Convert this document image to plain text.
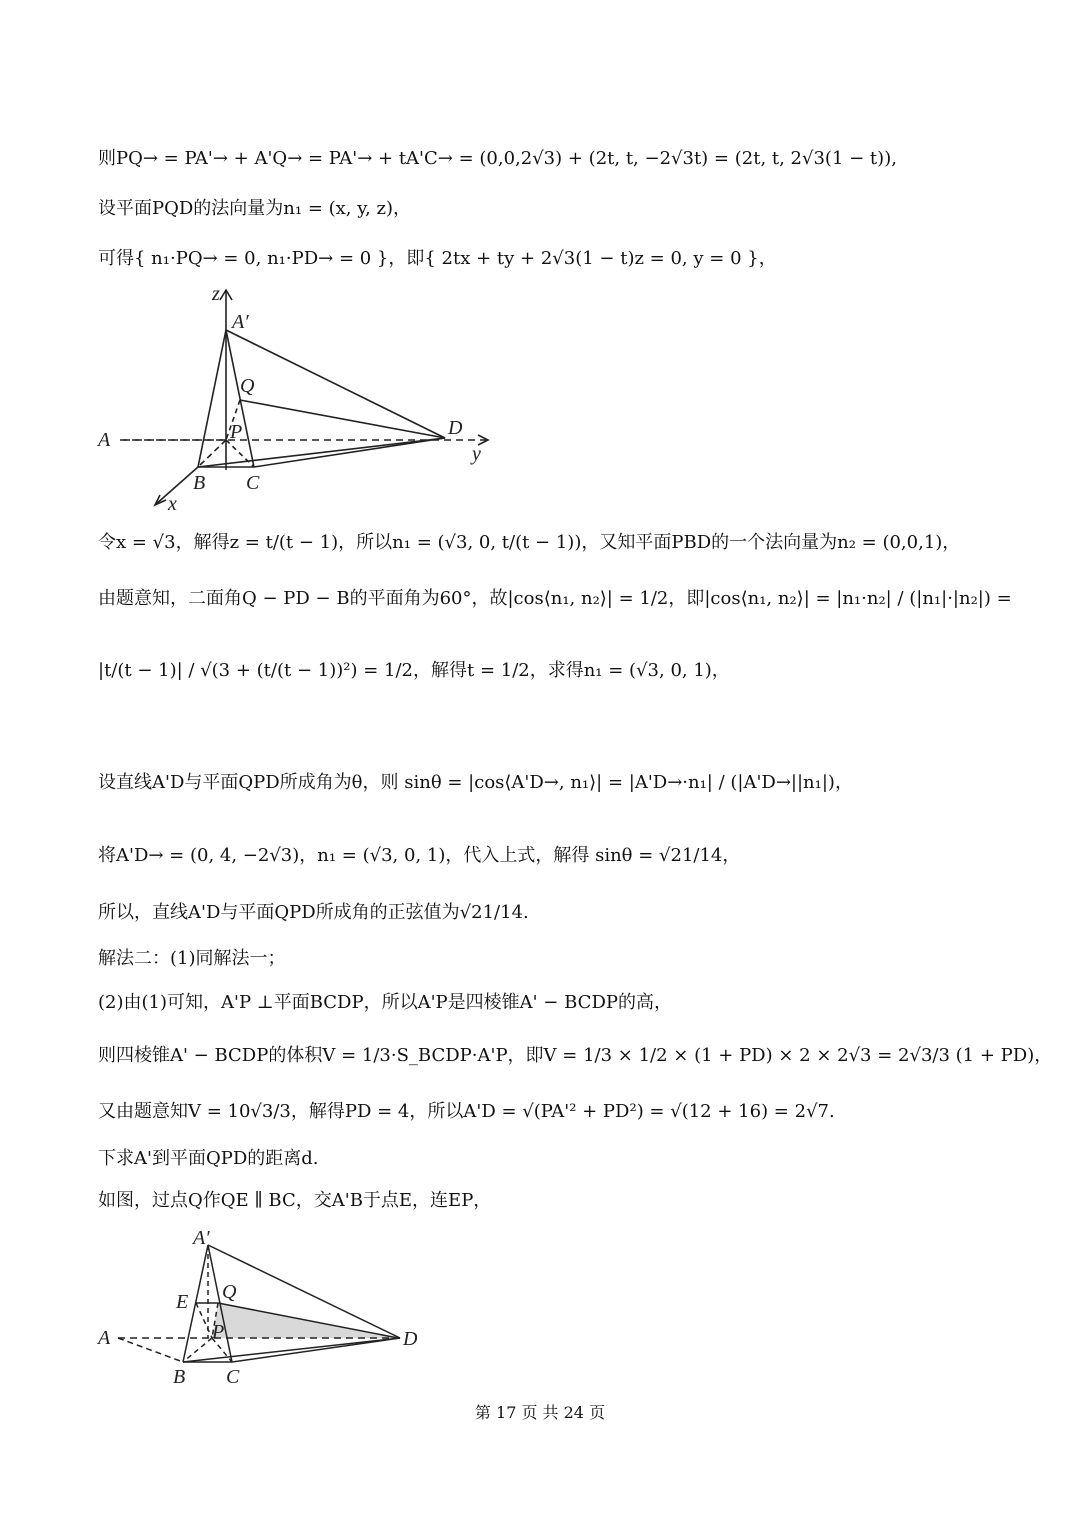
则PQ→ = PA'→ + A'Q→ = PA'→ + tA'C→ = (0,0,2√3) + (2t, t, −2√3t) = (2t, t, 2√3(1 − t)),
设平面PQD的法向量为n₁ = (x, y, z)，
可得{ n₁·PQ→ = 0, n₁·PD→ = 0 }，即{ 2tx + ty + 2√3(1 − t)z = 0, y = 0 }，
z
A′
Q
P	D
A
y
B C
x
令x = √3，解得z = t/(t − 1)，所以n₁ = (√3, 0, t/(t − 1))，又知平面PBD的一个法向量为n₂ = (0,0,1)，
由题意知，二面角Q − PD − B的平面角为60°，故|cos⟨n₁, n₂⟩| = 1/2，即|cos⟨n₁, n₂⟩| = |n₁·n₂| / (|n₁|·|n₂|) =
|t/(t − 1)| / √(3 + (t/(t − 1))²) = 1/2，解得t = 1/2，求得n₁ = (√3, 0, 1)，
设直线A'D与平面QPD所成角为θ，则 sinθ = |cos⟨A'D→, n₁⟩| = |A'D→·n₁| / (|A'D→||n₁|)，
将A'D→ = (0, 4, −2√3)，n₁ = (√3, 0, 1)，代入上式，解得 sinθ = √21/14，
所以，直线A'D与平面QPD所成角的正弦值为√21/14.
解法二：(1)同解法一；
(2)由(1)可知，A'P ⊥平面BCDP，所以A'P是四棱锥A' − BCDP的高，
则四棱锥A' − BCDP的体积V = 1/3·S_BCDP·A'P，即V = 1/3 × 1/2 × (1 + PD) × 2 × 2√3 = 2√3/3 (1 + PD)，
又由题意知V = 10√3/3，解得PD = 4，所以A'D = √(PA'² + PD²) = √(12 + 16) = 2√7.
下求A'到平面QPD的距离d.
如图，过点Q作QE ∥ BC，交A'B于点E，连EP，
A′
E Q
P
A	D
B C
第 17 页 共 24 页
